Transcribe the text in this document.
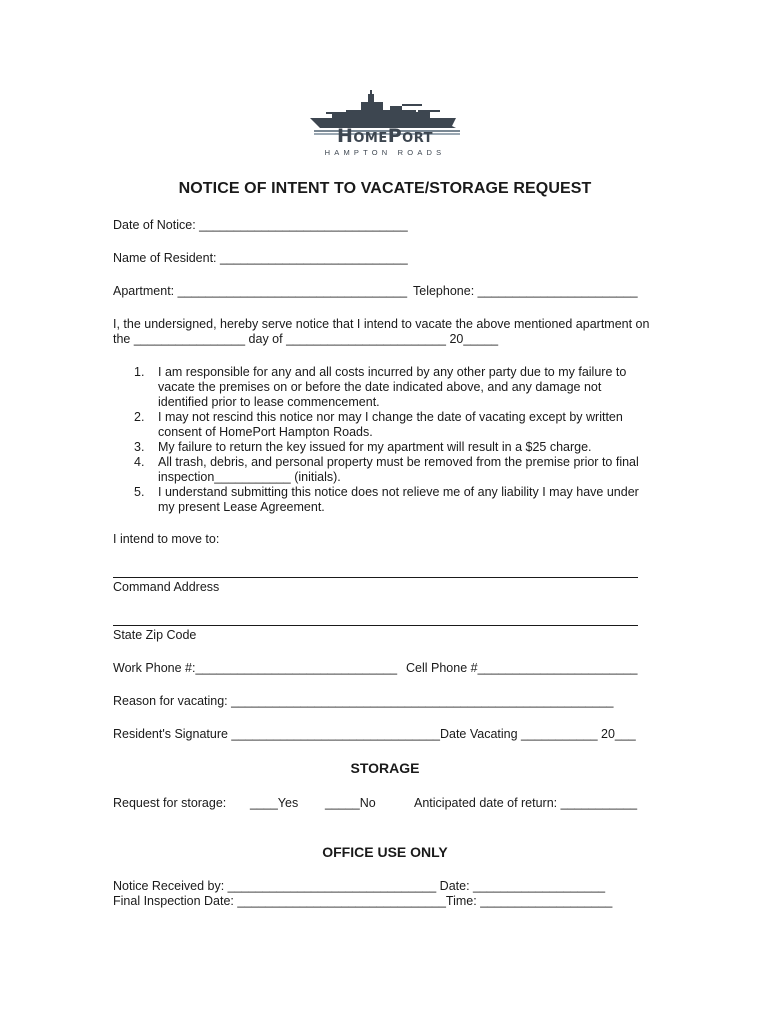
HomePort
HAMPTON ROADS
NOTICE OF INTENT TO VACATE/STORAGE REQUEST
Date of Notice: ______________________________
Name of Resident: ___________________________
Apartment: _________________________________ Telephone: _______________________
I, the undersigned, hereby serve notice that I intend to vacate the above mentioned apartment on
the ________________ day of _______________________ 20_____
1. I am responsible for any and all costs incurred by any other party due to my failure to
vacate the premises on or before the date indicated above, and any damage not
identified prior to lease commencement.
2. I may not rescind this notice nor may I change the date of vacating except by written
consent of HomePort Hampton Roads.
3. My failure to return the key issued for my apartment will result in a $25 charge.
4. All trash, debris, and personal property must be removed from the premise prior to final
inspection___________ (initials).
5. I understand submitting this notice does not relieve me of any liability I may have under
my present Lease Agreement.
I intend to move to:
Command Address
State Zip Code
Work Phone #:_____________________________ Cell Phone #_______________________
Reason for vacating: _______________________________________________________
Resident's Signature ______________________________Date Vacating ___________ 20___
STORAGE
Request for storage: ____Yes _____No	Anticipated date of return: ___________
OFFICE USE ONLY
Notice Received by: ______________________________ Date: ___________________
Final Inspection Date: ______________________________Time: ___________________
